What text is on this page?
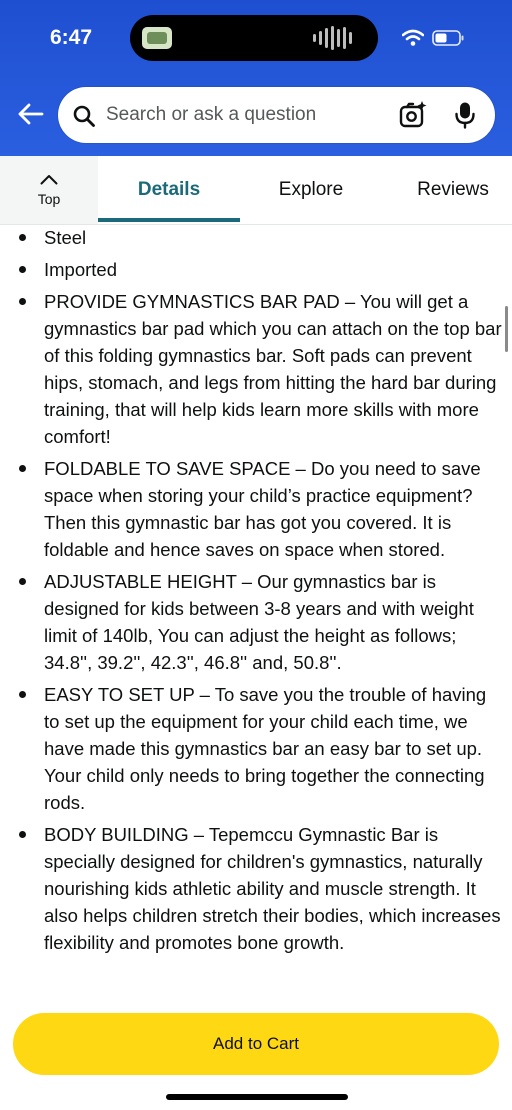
6:47
Search or ask a question
Top	Details	Explore	Reviews
Steel
Imported
PROVIDE GYMNASTICS BAR PAD – You will get a gymnastics bar pad which you can attach on the top bar of this folding gymnastics bar. Soft pads can prevent hips, stomach, and legs from hitting the hard bar during training, that will help kids learn more skills with more comfort!
FOLDABLE TO SAVE SPACE – Do you need to save space when storing your child’s practice equipment? Then this gymnastic bar has got you covered. It is foldable and hence saves on space when stored.
ADJUSTABLE HEIGHT – Our gymnastics bar is designed for kids between 3-8 years and with weight limit of 140lb, You can adjust the height as follows; 34.8'', 39.2'', 42.3'', 46.8'' and, 50.8''.
EASY TO SET UP – To save you the trouble of having to set up the equipment for your child each time, we have made this gymnastics bar an easy bar to set up. Your child only needs to bring together the connecting rods.
BODY BUILDING – Tepemccu Gymnastic Bar is specially designed for children's gymnastics, naturally nourishing kids athletic ability and muscle strength. It also helps children stretch their bodies, which increases flexibility and promotes bone growth.
Add to Cart
